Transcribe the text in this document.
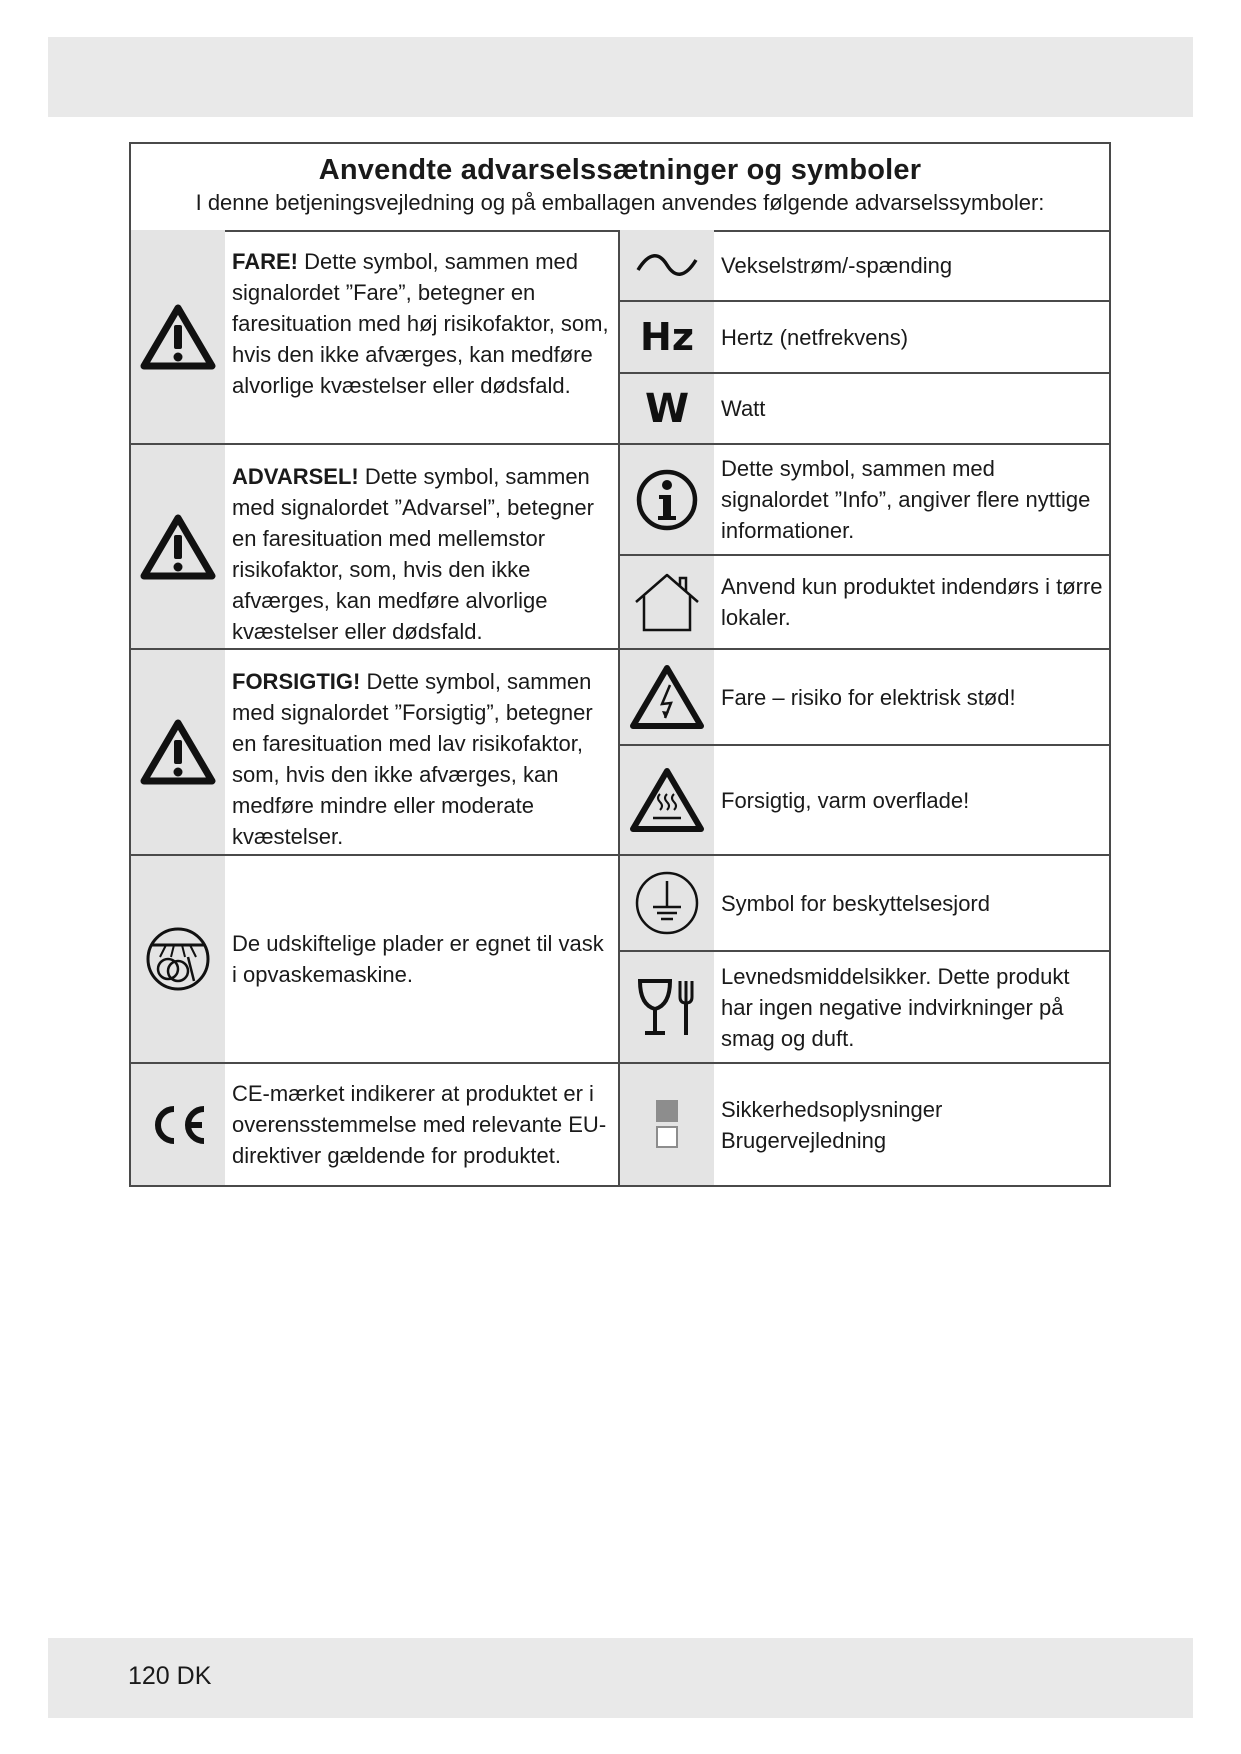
Anvendte advarselssætninger og symboler
I denne betjeningsvejledning og på emballagen anvendes følgende advarselssymboler:
FARE! Dette symbol, sammen med signalordet ”Fare”, betegner en faresituation med høj risikofaktor, som, hvis den ikke afværges, kan medføre alvorlige kvæstelser eller dødsfald.
ADVARSEL! Dette symbol, sammen med signalordet ”Advarsel”, betegner en faresituation med mellemstor risikofaktor, som, hvis den ikke afværges, kan medføre alvorlige kvæstelser eller dødsfald.
FORSIGTIG! Dette symbol, sammen med signalordet ”Forsigtig”, betegner en faresituation med lav risikofaktor, som, hvis den ikke afværges, kan medføre mindre eller moderate kvæstelser.
De udskiftelige plader er egnet til vask i opvaskemaskine.
CE-mærket indikerer at produktet er i overensstemmelse med relevante EU-direktiver gældende for produktet.
Vekselstrøm/-spænding
Hz Hertz (netfrekvens)
W Watt
Dette symbol, sammen med signalordet ”Info”, angiver flere nyttige informationer.
Anvend kun produktet indendørs i tørre lokaler.
Fare – risiko for elektrisk stød!
Forsigtig, varm overflade!
Symbol for beskyttelsesjord
Levnedsmiddelsikker. Dette produkt har ingen negative indvirkninger på smag og duft.
Sikkerhedsoplysninger
Brugervejledning
120 DK
